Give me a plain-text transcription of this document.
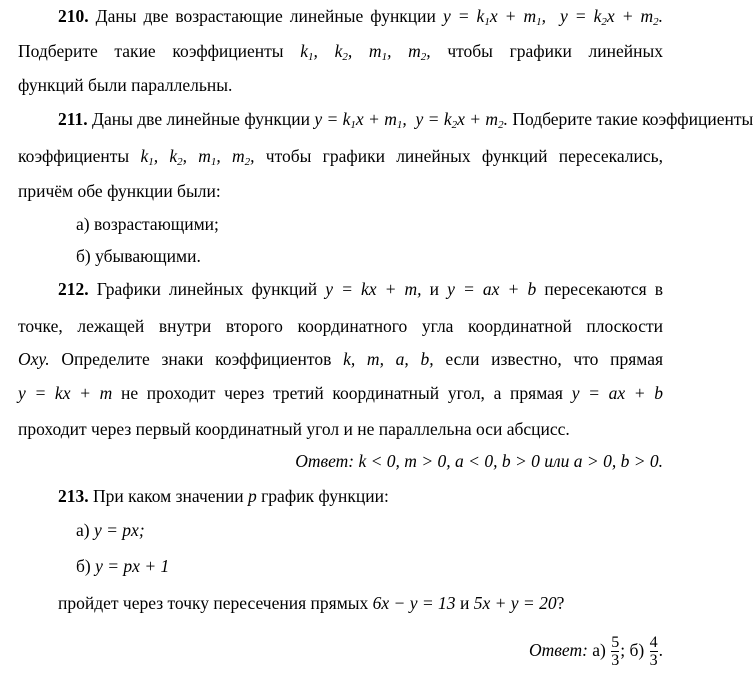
210. Даны две возрастающие линейные функции $y = k_1x + m_1$,  $y = k_2x + m_2$.
Подберите такие коэффициенты $k_1$, $k_2$, $m_1$, $m_2$, чтобы графики линейных
функций были параллельны.
211. Даны две линейные функции $y = k_1x + m_1$,  $y = k_2x + m_2$. Подберите такие коэффициенты
коэффициенты $k_1$, $k_2$, $m_1$, $m_2$, чтобы графики линейных функций пересекались,
причём обе функции были:
а) возрастающими;
б) убывающими.
212. Графики линейных функций y = kx + m, и y = ax + b пересекаются в
точке, лежащей внутри второго координатного угла координатной плоскости
Oxy. Определите знаки коэффициентов k, m, a, b, если известно, что прямая
y = kx + m не проходит через третий координатный угол, а прямая y = ax + b
проходит через первый координатный угол и не параллельна оси абсцисс.
Ответ: k < 0, m > 0, a < 0, b > 0 или a > 0, b > 0.
213. При каком значении p график функции:
а) y = px;
б) y = px + 1
пройдет через точку пересечения прямых 6x − y = 13 и 5x + y = 20?
Ответ: $а) \frac{5}{3}$ ; $б) \frac{4}{3}$ .
